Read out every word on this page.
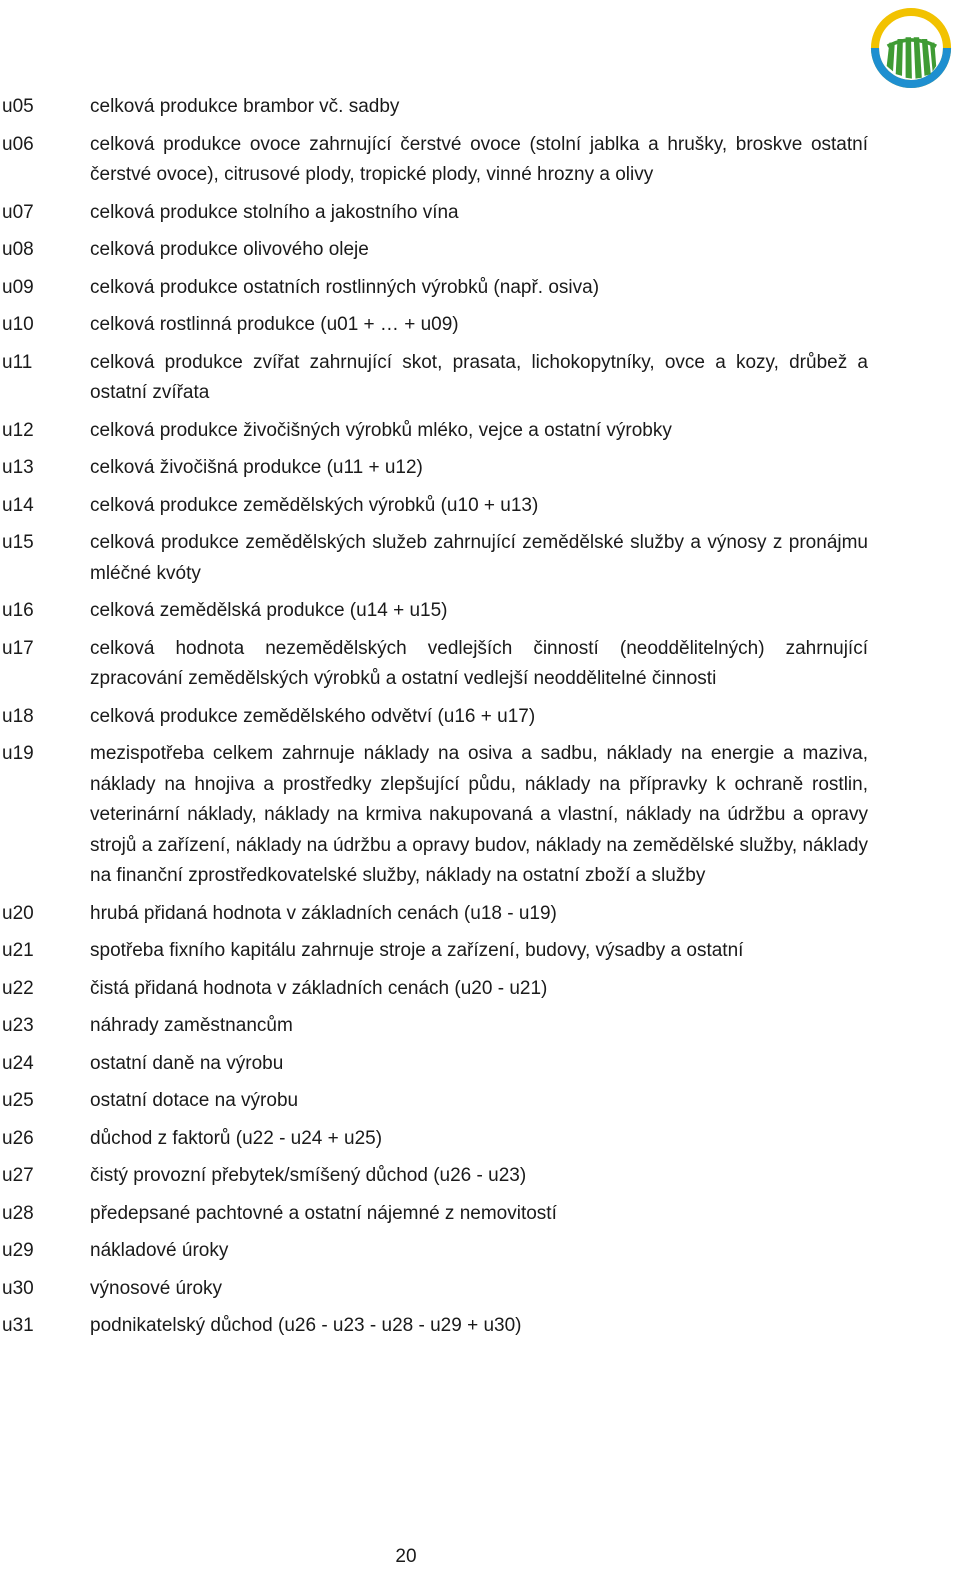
u05	celková produkce brambor vč. sadby
u06	celková produkce ovoce zahrnující čerstvé ovoce (stolní jablka a hrušky, broskve ostatní čerstvé ovoce), citrusové plody, tropické plody, vinné hrozny a olivy
u07	celková produkce stolního a jakostního vína
u08	celková produkce olivového oleje
u09	celková produkce ostatních rostlinných výrobků (např. osiva)
u10	celková rostlinná produkce (u01 + … + u09)
u11	celková produkce zvířat zahrnující skot, prasata, lichokopytníky, ovce a kozy, drůbež a ostatní zvířata
u12	celková produkce živočišných výrobků mléko, vejce a ostatní výrobky
u13	celková živočišná produkce (u11 + u12)
u14	celková produkce zemědělských výrobků (u10 + u13)
u15	celková produkce zemědělských služeb zahrnující zemědělské služby a výnosy z pronájmu mléčné kvóty
u16	celková zemědělská produkce (u14 + u15)
u17	celková hodnota nezemědělských vedlejších činností (neoddělitelných) zahrnující zpracování zemědělských výrobků a ostatní vedlejší neoddělitelné činnosti
u18	celková produkce zemědělského odvětví (u16 + u17)
u19	mezispotřeba celkem zahrnuje náklady na osiva a sadbu, náklady na energie a maziva, náklady na hnojiva a prostředky zlepšující půdu, náklady na přípravky k ochraně rostlin, veterinární náklady, náklady na krmiva nakupovaná a vlastní, náklady na údržbu a opravy strojů a zařízení, náklady na údržbu a opravy budov, náklady na zemědělské služby, náklady na finanční zprostředkovatelské služby, náklady na ostatní zboží a služby
u20	hrubá přidaná hodnota v základních cenách (u18 - u19)
u21	spotřeba fixního kapitálu zahrnuje stroje a zařízení, budovy, výsadby a ostatní
u22	čistá přidaná hodnota v základních cenách (u20 - u21)
u23	náhrady zaměstnancům
u24	ostatní daně na výrobu
u25	ostatní dotace na výrobu
u26	důchod z faktorů (u22 - u24 + u25)
u27	čistý provozní přebytek/smíšený důchod (u26 - u23)
u28	předepsané pachtovné a ostatní nájemné z nemovitostí
u29	nákladové úroky
u30	výnosové úroky
u31	podnikatelský důchod (u26 - u23 - u28 - u29 + u30)
20
